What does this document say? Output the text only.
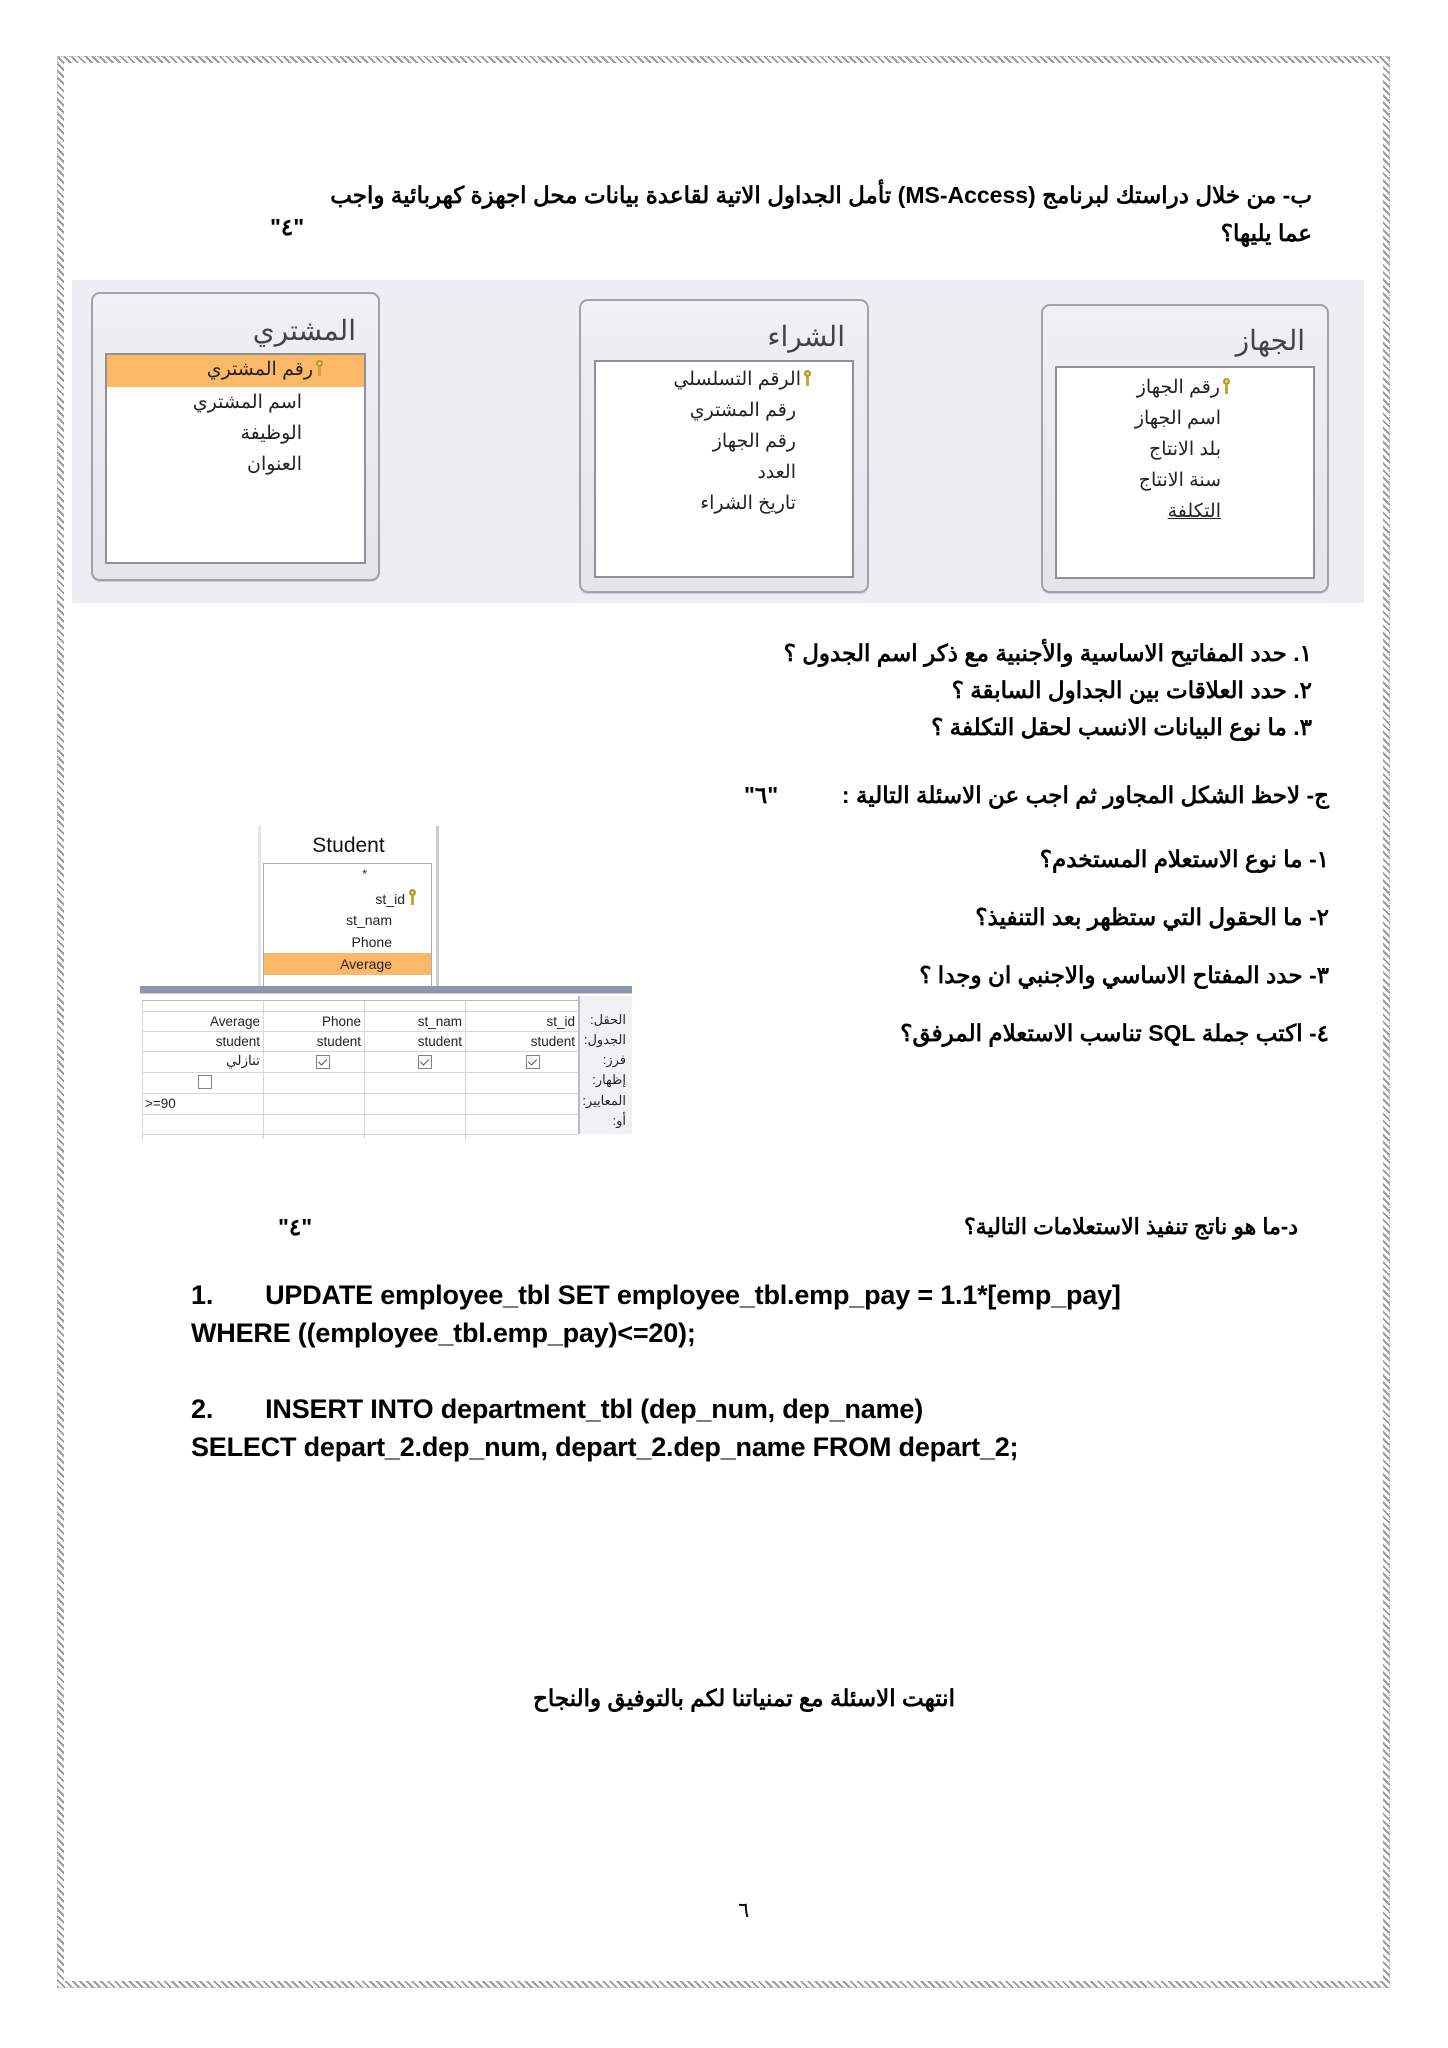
ب- من خلال دراستك لبرنامج (MS-Access) تأمل الجداول الاتية لقاعدة بيانات محل اجهزة كهربائية واجب
عما يليها؟
"٤"
الجهاز
رقم الجهاز
اسم الجهاز
بلد الانتاج
سنة الانتاج
التكلفة
الشراء
الرقم التسلسلي
رقم المشتري
رقم الجهاز
العدد
تاريخ الشراء
المشتري
رقم المشتري
اسم المشتري
الوظيفة
العنوان
١. حدد المفاتيح الاساسية والأجنبية مع ذكر اسم الجدول ؟
٢. حدد العلاقات بين الجداول السابقة ؟
٣. ما نوع البيانات الانسب لحقل التكلفة ؟
ج- لاحظ الشكل المجاور ثم اجب عن الاسئلة التالية :
"٦"
١- ما نوع الاستعلام المستخدم؟
٢- ما الحقول التي ستظهر بعد التنفيذ؟
٣- حدد المفتاح الاساسي والاجنبي ان وجدا ؟
٤- اكتب جملة SQL تناسب الاستعلام المرفق؟
Student
*
st_id
st_nam
Phone
Average
st_id
student
st_nam
student
Phone
student
Average
student
تنازلي
>=90
الحقل:
الجدول:
فرز:
إظهار:
المعايير:
أو:
د-ما هو ناتج تنفيذ الاستعلامات التالية؟
"٤"
1. UPDATE employee_tbl SET employee_tbl.emp_pay = 1.1*[emp_pay]
WHERE ((employee_tbl.emp_pay)<=20);
2. INSERT INTO department_tbl (dep_num, dep_name)
SELECT depart_2.dep_num, depart_2.dep_name FROM depart_2;
انتهت الاسئلة مع تمنياتنا لكم بالتوفيق والنجاح
٦
